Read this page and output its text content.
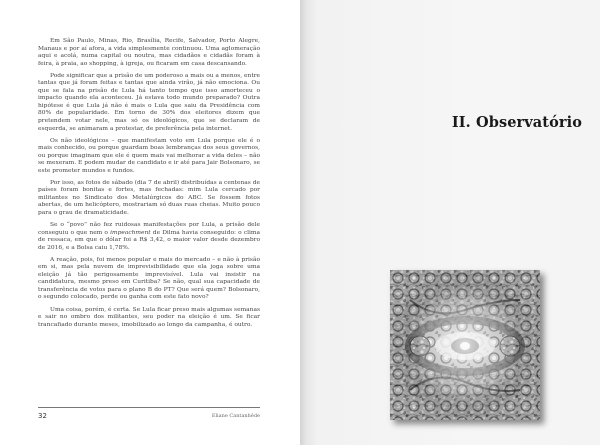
Em São Paulo, Minas, Rio, Brasília, Recife, Salvador, Porto Alegre, Manaus e por aí afora, a vida simplesmente continuou. Uma aglomeração aqui e acolá, numa capital ou noutra, mas cidadãos e cidadãs foram à feira, à praia, ao shopping, à igreja, ou ficaram em casa descansando.

Pode significar que a prisão de um poderoso a mais ou a menos, entre tantas que já foram feitas e tantas que ainda virão, já não emociona. Ou que se fala na prisão de Lula há tanto tempo que isso amorteceu o impacto quando ela aconteceu. Já estava todo mundo preparado? Outra hipótese é que Lula já não é mais o Lula que saiu da Presidência com 80% de popularidade. Em torno de 30% dos eleitores dizem que pretendem votar nele, mas só os ideológicos, que se declaram de esquerda, se animaram a protestar, de preferência pela internet.

Os não ideológicos – que manifestam voto em Lula porque ele é o mais conhecido, ou porque guardam boas lembranças dos seus governos, ou porque imaginam que ele é quem mais vai melhorar a vida deles – não se mexeram. E podem mudar de candidato e ir até para Jair Bolsonaro, se este prometer mundos e fundos.

Por isso, as fotos de sábado (dia 7 de abril) distribuídas a centenas de países foram bonitas e fortes, mas fechadas: mim Lula cercado por militantes no Sindicato dos Metalúrgicos do ABC. Se fossem fotos abertas, de um helicóptero, mostrariam só duas ruas cheias. Muito pouco para o grau de dramaticidade.

Se o “povo” não fez ruidosas manifestações por Lula, a prisão dele conseguiu o que nem o impeachment de Dilma havia conseguido: o clima de ressaca, em que o dólar foi a R$ 3,42, o maior valor desde dezembro de 2016, e a Bolsa caiu 1,78%.

A reação, pois, foi menos popular e mais do mercado – e não à prisão em si, mas pela nuvem de imprevisibilidade que ela joga sobre uma eleição já tão perigosamente imprevisível. Lula vai insistir na candidatura, mesmo preso em Curitiba? Se não, qual sua capacidade de transferência de votos para o plano B do PT? Que será quem? Bolsonaro, o segundo colocado, perde ou ganha com este fato novo?

Uma coisa, porém, é certa. Se Lula ficar preso mais algumas semanas e sair no ombro dos militantes, seu poder na eleição é um. Se ficar trancafiado durante meses, imobilizado ao longo da campanha, é outro.

32	Eliane Cantanhêde
II. Observatório
